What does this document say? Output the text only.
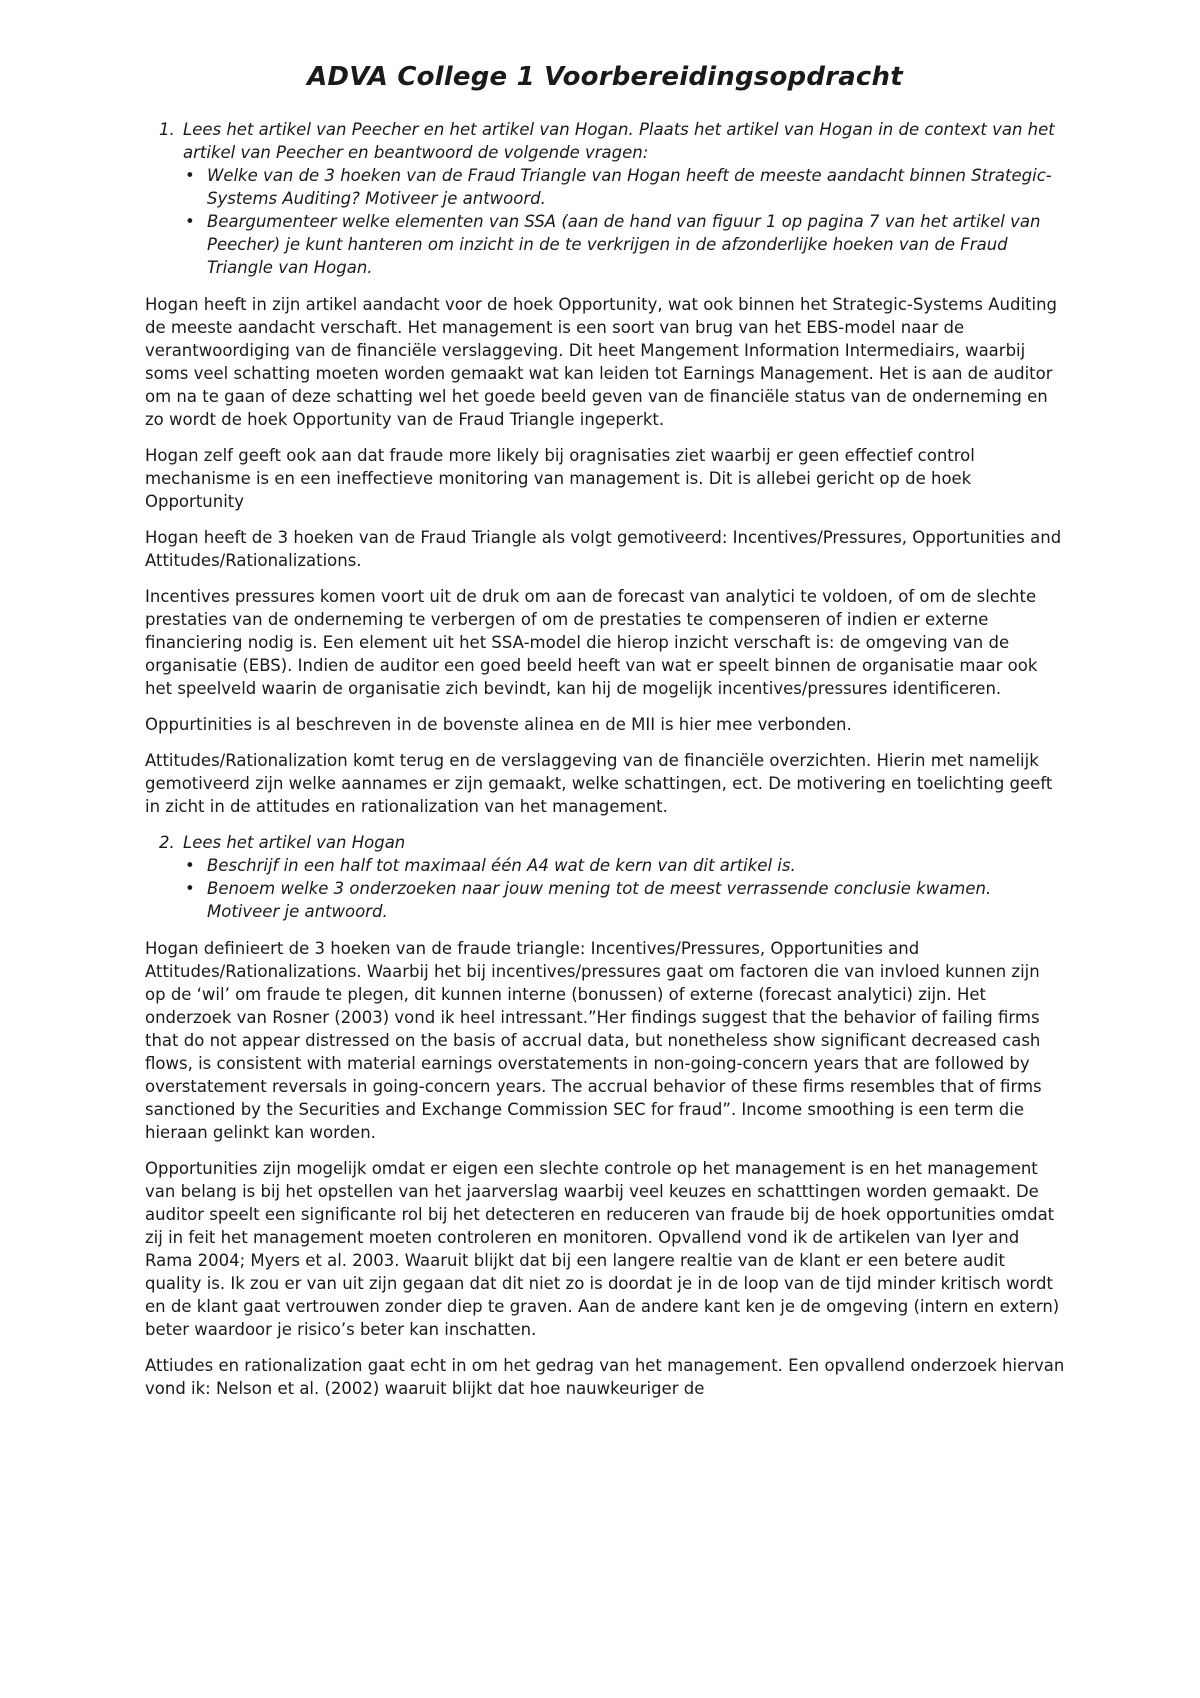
ADVA College 1 Voorbereidingsopdracht
1. Lees het artikel van Peecher en het artikel van Hogan. Plaats het artikel van Hogan in de context van het artikel van Peecher en beantwoord de volgende vragen:
• Welke van de 3 hoeken van de Fraud Triangle van Hogan heeft de meeste aandacht binnen Strategic-Systems Auditing? Motiveer je antwoord.
• Beargumenteer welke elementen van SSA (aan de hand van figuur 1 op pagina 7 van het artikel van Peecher) je kunt hanteren om inzicht in de te verkrijgen in de afzonderlijke hoeken van de Fraud Triangle van Hogan.

Hogan heeft in zijn artikel aandacht voor de hoek Opportunity, wat ook binnen het Strategic-Systems Auditing de meeste aandacht verschaft. Het management is een soort van brug van het EBS-model naar de verantwoordiging van de financiële verslaggeving. Dit heet Mangement Information Intermediairs, waarbij soms veel schatting moeten worden gemaakt wat kan leiden tot Earnings Management. Het is aan de auditor om na te gaan of deze schatting wel het goede beeld geven van de financiële status van de onderneming en zo wordt de hoek Opportunity van de Fraud Triangle ingeperkt.

Hogan zelf geeft ook aan dat fraude more likely bij oragnisaties ziet waarbij er geen effectief control mechanisme is en een ineffectieve monitoring van management is. Dit is allebei gericht op de hoek Opportunity

Hogan heeft de 3 hoeken van de Fraud Triangle als volgt gemotiveerd: Incentives/Pressures, Opportunities and Attitudes/Rationalizations.

Incentives pressures komen voort uit de druk om aan de forecast van analytici te voldoen, of om de slechte prestaties van de onderneming te verbergen of om de prestaties te compenseren of indien er externe financiering nodig is. Een element uit het SSA-model die hierop inzicht verschaft is: de omgeving van de organisatie (EBS). Indien de auditor een goed beeld heeft van wat er speelt binnen de organisatie maar ook het speelveld waarin de organisatie zich bevindt, kan hij de mogelijk incentives/pressures identificeren.

Oppurtinities is al beschreven in de bovenste alinea en de MII is hier mee verbonden.

Attitudes/Rationalization komt terug en de verslaggeving van de financiële overzichten. Hierin met namelijk gemotiveerd zijn welke aannames er zijn gemaakt, welke schattingen, ect. De motivering en toelichting geeft in zicht in de attitudes en rationalization van het management.

2. Lees het artikel van Hogan
• Beschrijf in een half tot maximaal één A4 wat de kern van dit artikel is.
• Benoem welke 3 onderzoeken naar jouw mening tot de meest verrassende conclusie kwamen. Motiveer je antwoord.

Hogan definieert de 3 hoeken van de fraude triangle: Incentives/Pressures, Opportunities and Attitudes/Rationalizations. Waarbij het bij incentives/pressures gaat om factoren die van invloed kunnen zijn op de ‘wil’ om fraude te plegen, dit kunnen interne (bonussen) of externe (forecast analytici) zijn. Het onderzoek van Rosner (2003) vond ik heel intressant.”Her findings suggest that the behavior of failing firms that do not appear distressed on the basis of accrual data, but nonetheless show significant decreased cash flows, is consistent with material earnings overstatements in non-going-concern years that are followed by overstatement reversals in going-concern years. The accrual behavior of these firms resembles that of firms sanctioned by the Securities and Exchange Commission SEC for fraud”. Income smoothing is een term die hieraan gelinkt kan worden.

Opportunities zijn mogelijk omdat er eigen een slechte controle op het management is en het management van belang is bij het opstellen van het jaarverslag waarbij veel keuzes en schatttingen worden gemaakt. De auditor speelt een significante rol bij het detecteren en reduceren van fraude bij de hoek opportunities omdat zij in feit het management moeten controleren en monitoren. Opvallend vond ik de artikelen van Iyer and Rama 2004; Myers et al. 2003. Waaruit blijkt dat bij een langere realtie van de klant er een betere audit quality is. Ik zou er van uit zijn gegaan dat dit niet zo is doordat je in de loop van de tijd minder kritisch wordt en de klant gaat vertrouwen zonder diep te graven. Aan de andere kant ken je de omgeving (intern en extern) beter waardoor je risico’s beter kan inschatten.

Attiudes en rationalization gaat echt in om het gedrag van het management. Een opvallend onderzoek hiervan vond ik: Nelson et al. (2002) waaruit blijkt dat hoe nauwkeuriger de
